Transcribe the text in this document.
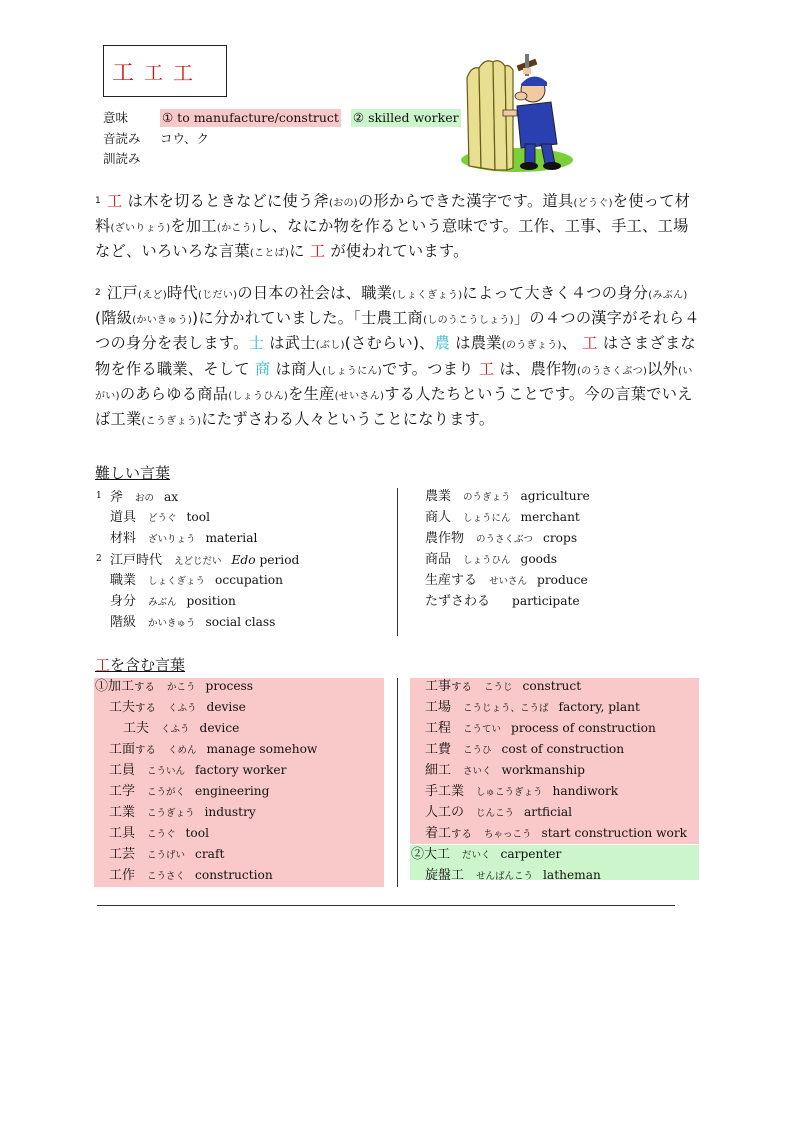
工 工 工
意味	① to manufacture/construct ② skilled worker
音読み	コウ、ク
訓読み
1 工 は木を切るときなどに使う斧(おの)の形からできた漢字です。道具(どうぐ)を使って材料(ざいりょう)を加工(かこう)し、なにか物を作るという意味です。工作、工事、手工、工場 など、いろいろな言葉(ことば)に 工 が使われています。
2 江戸(えど)時代(じだい)の日本の社会は、職業(しょくぎょう)によって大きく４つの身分(みぶん)(階級(かいきゅう))に分かれていました。「士農工商(しのうこうしょう)」の４つの漢字がそれら４つの身分を表します。士 は武士(ぶし)(さむらい)、農 は農業(のうぎょう)、 工 はさまざまな物を作る職業、そして 商 は商人(しょうにん)です。つまり 工 は、農作物(のうさくぶつ)以外(いがい)のあらゆる商品(しょうひん)を生産(せいさん)する人たちということです。今の言葉でいえば工業(こうぎょう)にたずさわる人々ということになります。
難しい言葉
1 斧 おの ax
道具 どうぐ tool
材料 ざいりょう material
2 江戸時代 えどじだい Edo period
職業 しょくぎょう occupation
身分 みぶん position
階級 かいきゅう social class
農業 のうぎょう agriculture
商人 しょうにん merchant
農作物 のうさくぶつ crops
商品 しょうひん goods
生産する せいさん produce
たずさわる participate
工を含む言葉
①加工する かこう process
工夫する くふう devise
工夫 くふう device
工面する くめん manage somehow
工員 こういん factory worker
工学 こうがく engineering
工業 こうぎょう industry
工具 こうぐ tool
工芸 こうげい craft
工作 こうさく construction
工事する こうじ construct
工場 こうじょう、こうば factory, plant
工程 こうてい process of construction
工費 こうひ cost of construction
細工 さいく workmanship
手工業 しゅこうぎょう handiwork
人工の じんこう artficial
着工する ちゃっこう start construction work
②大工 だいく carpenter
旋盤工 せんばんこう latheman
